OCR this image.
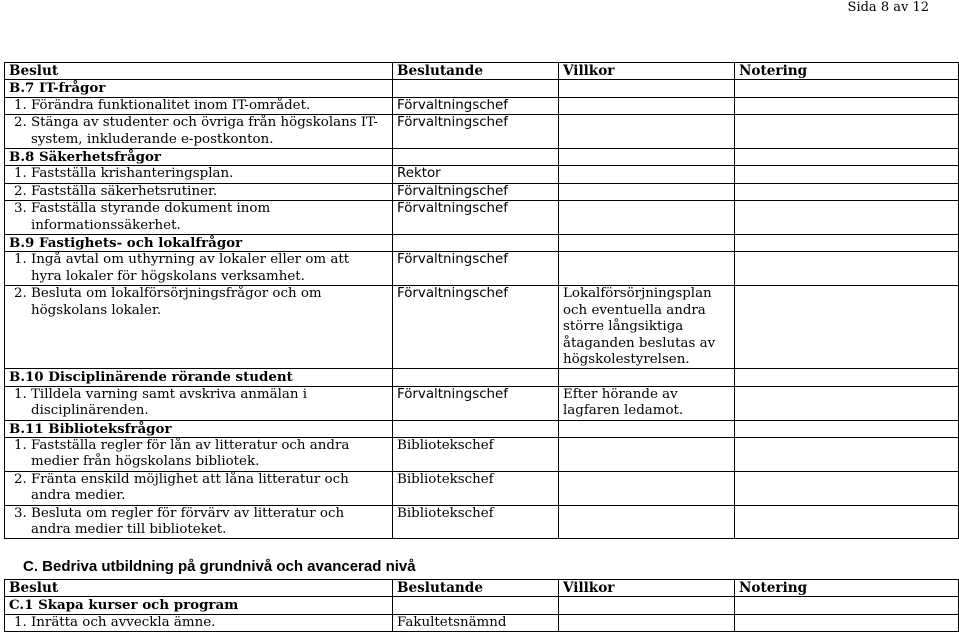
Sida 8 av 12
Beslut	Beslutande	Villkor	Notering
B.7 IT-frågor			

1. Förändra funktionalitet inom IT-området.	Förvaltningschef		

2. Stänga av studenter och övriga från högskolans IT-system, inkluderande e-postkonton.	Förvaltningschef		
B.8 Säkerhetsfrågor			

1. Fastställa krishanteringsplan.	Rektor		

2. Fastställa säkerhetsrutiner.	Förvaltningschef		

3. Fastställa styrande dokument inom informationssäkerhet.	Förvaltningschef		
B.9 Fastighets- och lokalfrågor			

1. Ingå avtal om uthyrning av lokaler eller om att hyra lokaler för högskolans verksamhet.	Förvaltningschef		

2. Besluta om lokalförsörjningsfrågor och om högskolans lokaler.	Förvaltningschef	Lokalförsörjningsplan och eventuella andra större långsiktiga åtaganden beslutas av högskolestyrelsen.	
B.10 Disciplinärende rörande student			

1. Tilldela varning samt avskriva anmälan i disciplinärenden.	Förvaltningschef	Efter hörande av lagfaren ledamot.	
B.11 Biblioteksfrågor			

1. Fastställa regler för lån av litteratur och andra medier från högskolans bibliotek.	Bibliotekschef		

2. Fränta enskild möjlighet att låna litteratur och andra medier.	Bibliotekschef		

3. Besluta om regler för förvärv av litteratur och andra medier till biblioteket.	Bibliotekschef		
C. Bedriva utbildning på grundnivå och avancerad nivå
Beslut	Beslutande	Villkor	Notering
C.1 Skapa kurser och program			

1. Inrätta och avveckla ämne.	Fakultetsnämnd		
